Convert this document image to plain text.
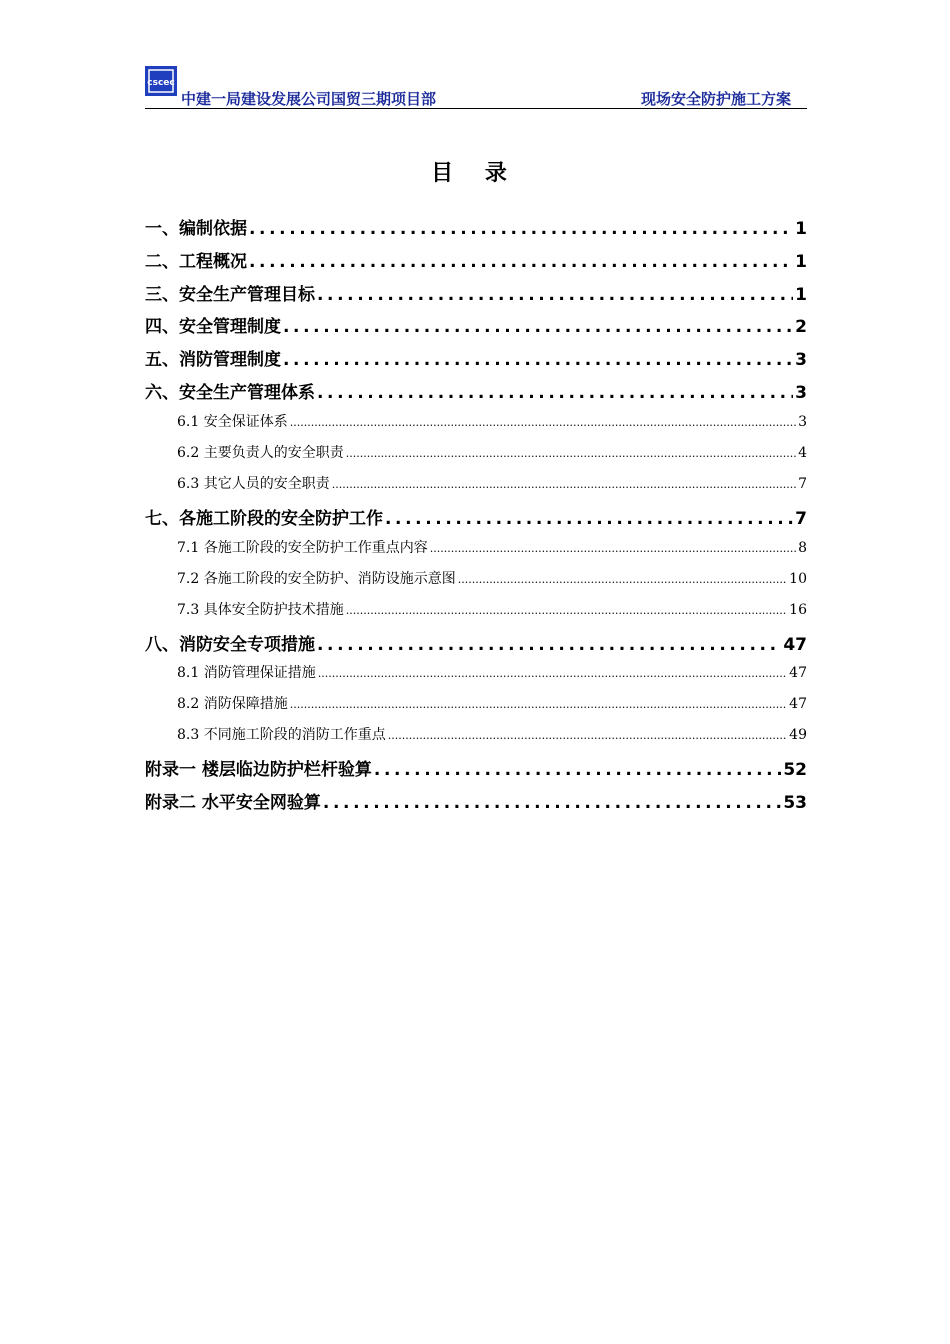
cscec
中建一局建设发展公司国贸三期项目部	现场安全防护施工方案
目 录
一、编制依据 .....	1
二、工程概况 .....	1
三、安全生产管理目标 .....	1
四、安全管理制度 .....	2
五、消防管理制度 .....	3
六、安全生产管理体系 .....	3
6.1 安全保证体系 .....	3
6.2 主要负责人的安全职责 .....	4
6.3 其它人员的安全职责 .....	7
七、各施工阶段的安全防护工作 .....	7
7.1 各施工阶段的安全防护工作重点内容 .....	8
7.2 各施工阶段的安全防护、消防设施示意图 .....	10
7.3 具体安全防护技术措施 .....	16
八、消防安全专项措施 .....	47
8.1 消防管理保证措施 .....	47
8.2 消防保障措施 .....	47
8.3 不同施工阶段的消防工作重点 .....	49
附录一 楼层临边防护栏杆验算 .....	52
附录二 水平安全网验算 .....	53
